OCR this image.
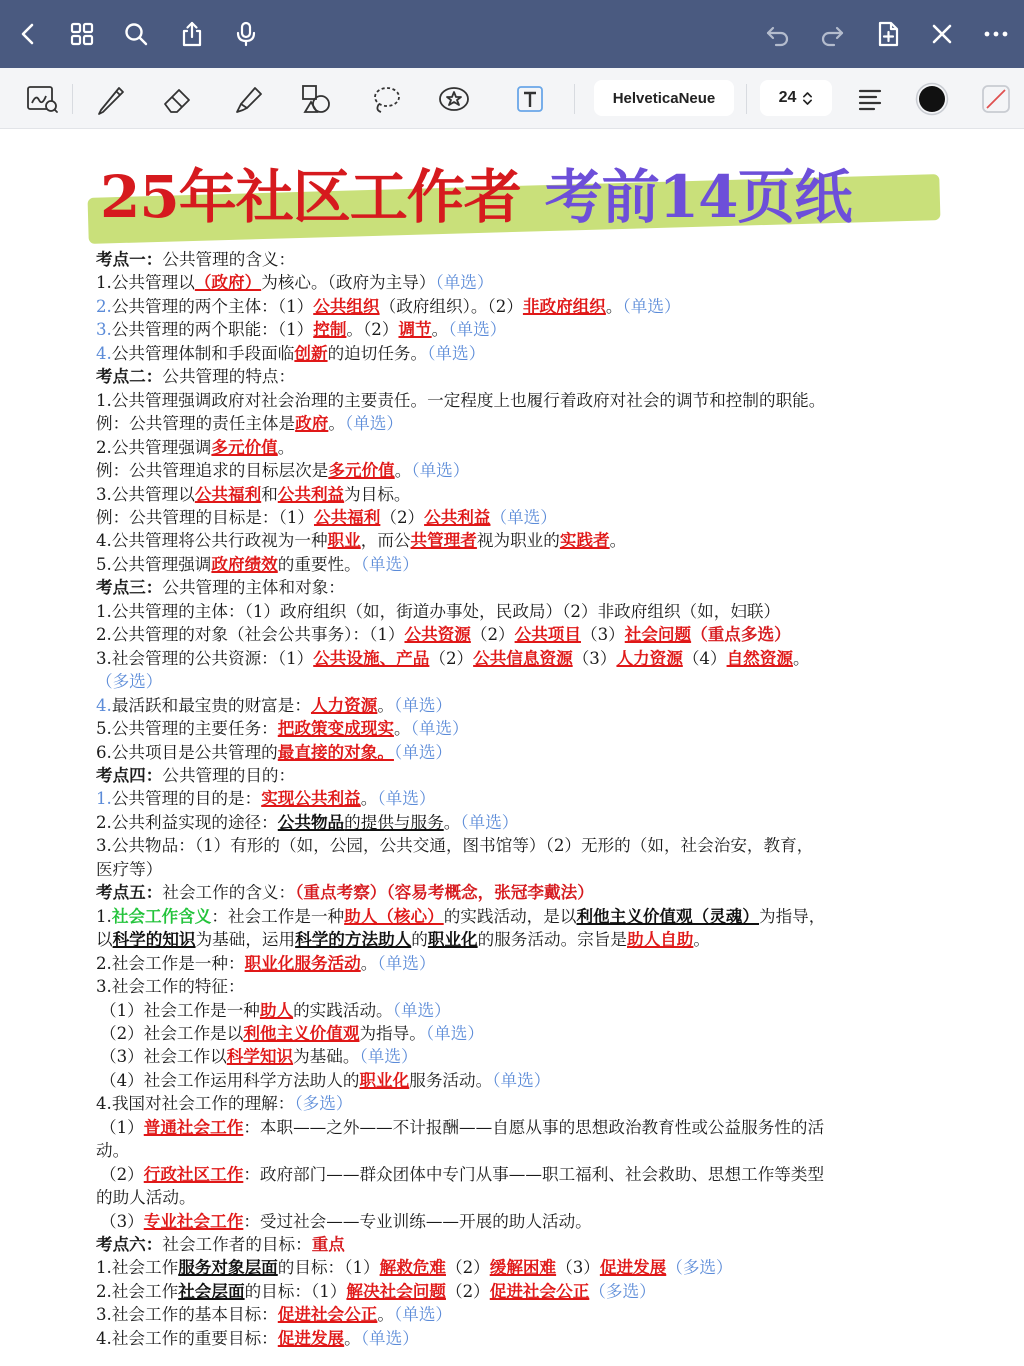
HelveticaNeue	24
25年社区工作者 考前14页纸
考点一：公共管理的含义：
1.公共管理以（政府）为核心。（政府为主导）（单选）
2.公共管理的两个主体：（1）公共组织（政府组织）。（2）非政府组织。（单选）
3.公共管理的两个职能：（1）控制。（2）调节。（单选）
4.公共管理体制和手段面临创新的迫切任务。（单选）
考点二：公共管理的特点：
1.公共管理强调政府对社会治理的主要责任。一定程度上也履行着政府对社会的调节和控制的职能。
例：公共管理的责任主体是政府。（单选）
2.公共管理强调多元价值。
例：公共管理追求的目标层次是多元价值。（单选）
3.公共管理以公共福利和公共利益为目标。
例：公共管理的目标是：（1）公共福利（2）公共利益（单选）
4.公共管理将公共行政视为一种职业，而公共管理者视为职业的实践者。
5.公共管理强调政府绩效的重要性。（单选）
考点三：公共管理的主体和对象：
1.公共管理的主体：（1）政府组织（如，街道办事处，民政局）（2）非政府组织（如，妇联）
2.公共管理的对象（社会公共事务）：（1）公共资源（2）公共项目（3）社会问题（重点多选）
3.社会管理的公共资源：（1）公共设施、产品（2）公共信息资源（3）人力资源（4）自然资源。
（多选）
4.最活跃和最宝贵的财富是：人力资源。（单选）
5.公共管理的主要任务：把政策变成现实。（单选）
6.公共项目是公共管理的最直接的对象。（单选）
考点四：公共管理的目的：
1.公共管理的目的是：实现公共利益。（单选）
2.公共利益实现的途径：公共物品的提供与服务。（单选）
3.公共物品：（1）有形的（如，公园，公共交通，图书馆等）（2）无形的（如，社会治安，教育，
医疗等）
考点五：社会工作的含义：（重点考察）（容易考概念，张冠李戴法）
1.社会工作含义：社会工作是一种助人（核心）的实践活动，是以利他主义价值观（灵魂）为指导，
以科学的知识为基础，运用科学的方法助人的职业化的服务活动。宗旨是助人自助。
2.社会工作是一种：职业化服务活动。（单选）
3.社会工作的特征：
（1）社会工作是一种助人的实践活动。（单选）
（2）社会工作是以利他主义价值观为指导。（单选）
（3）社会工作以科学知识为基础。（单选）
（4）社会工作运用科学方法助人的职业化服务活动。（单选）
4.我国对社会工作的理解：（多选）
（1）普通社会工作：本职——之外——不计报酬——自愿从事的思想政治教育性或公益服务性的活
动。
（2）行政社区工作：政府部门——群众团体中专门从事——职工福利、社会救助、思想工作等类型
的助人活动。
（3）专业社会工作：受过社会——专业训练——开展的助人活动。
考点六：社会工作者的目标：重点
1.社会工作服务对象层面的目标：（1）解救危难（2）缓解困难（3）促进发展（多选）
2.社会工作社会层面的目标：（1）解决社会问题（2）促进社会公正（多选）
3.社会工作的基本目标：促进社会公正。（单选）
4.社会工作的重要目标：促进发展。（单选）
